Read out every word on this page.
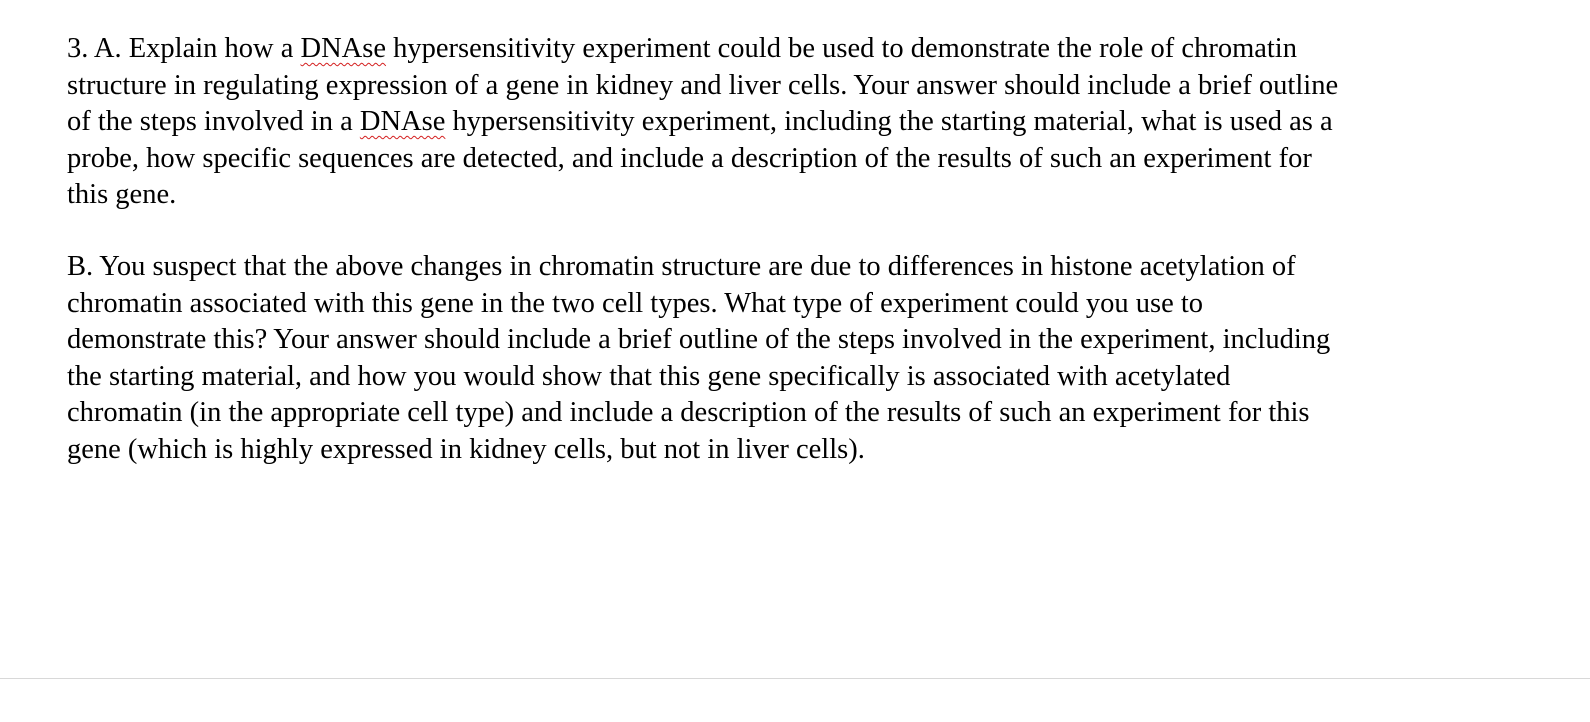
3. A. Explain how a DNAse hypersensitivity experiment could be used to demonstrate the role of chromatin
structure in regulating expression of a gene in kidney and liver cells. Your answer should include a brief outline
of the steps involved in a DNAse hypersensitivity experiment, including the starting material, what is used as a
probe, how specific sequences are detected, and include a description of the results of such an experiment for
this gene.

B. You suspect that the above changes in chromatin structure are due to differences in histone acetylation of
chromatin associated with this gene in the two cell types. What type of experiment could you use to
demonstrate this? Your answer should include a brief outline of the steps involved in the experiment, including
the starting material, and how you would show that this gene specifically is associated with acetylated
chromatin (in the appropriate cell type) and include a description of the results of such an experiment for this
gene (which is highly expressed in kidney cells, but not in liver cells).
